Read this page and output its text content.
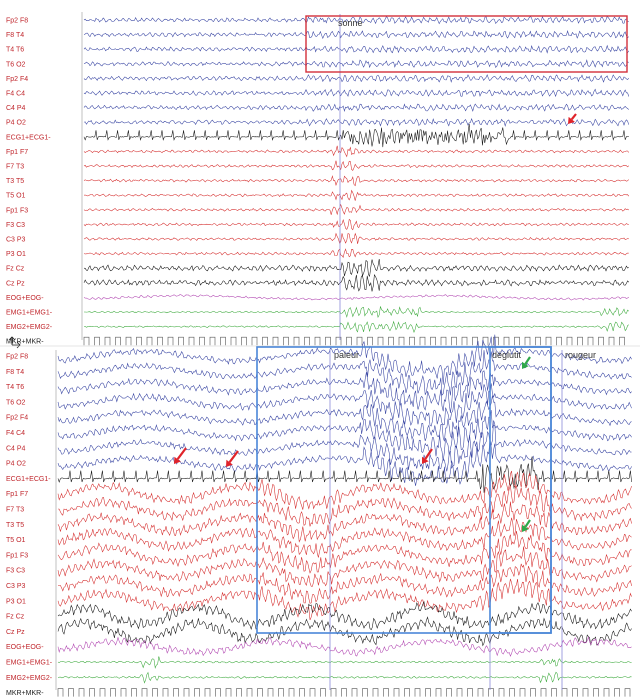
Fp2 F8
F8 T4
T4 T6
T6 O2
Fp2 F4
F4 C4
C4 P4
P4 O2
ECG1+ECG1-
Fp1 F7
F7 T3
T3 T5
T5 O1
Fp1 F3
F3 C3
C3 P3
P3 O1
Fz Cz
Cz Pz
EOG+EOG-
EMG1+EMG1-
EMG2+EMG2-
MKR+MKR-
sonne
Fp2 F8
F8 T4
T4 T6
T6 O2
Fp2 F4
F4 C4
C4 P4
P4 O2
ECG1+ECG1-
Fp1 F7
F7 T3
T3 T5
T5 O1
Fp1 F3
F3 C3
C3 P3
P3 O1
Fz Cz
Cz Pz
EOG+EOG-
EMG1+EMG1-
EMG2+EMG2-
MKR+MKR-
paleur	déglutit	rougeur
